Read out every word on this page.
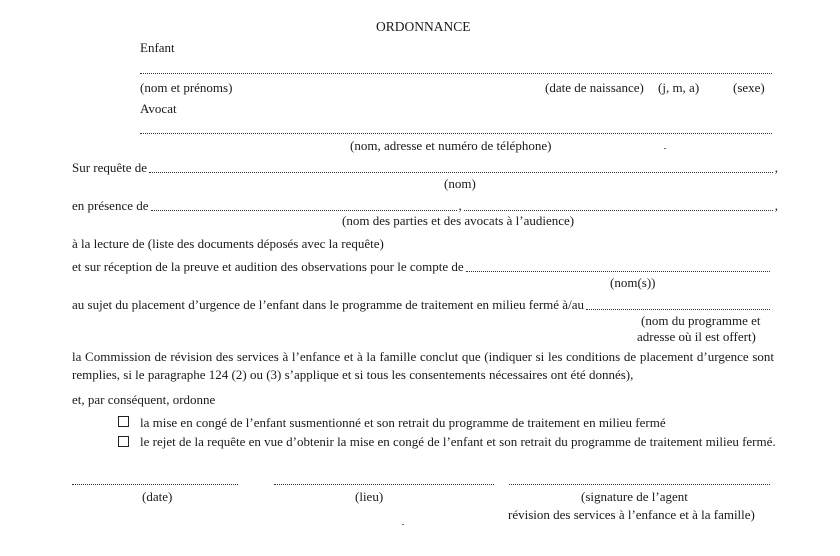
ORDONNANCE
Enfant
(nom et prénoms)	(date de naissance) (j, m, a)	(sexe)
Avocat
(nom, adresse et numéro de téléphone)
Sur requête de	,
(nom)
en présence de	,	,
(nom des parties et des avocats à l’audience)
à la lecture de (liste des documents déposés avec la requête)
et sur réception de la preuve et audition des observations pour le compte de
(nom(s))
au sujet du placement d’urgence de l’enfant dans le programme de traitement en milieu fermé à/au
(nom du programme et
adresse où il est offert)
la Commission de révision des services à l’enfance et à la famille conclut que (indiquer si les conditions de placement d’urgence sont remplies, si le paragraphe 124 (2) ou (3) s’applique et si tous les consentements nécessaires ont été donnés),
et, par conséquent, ordonne
la mise en congé de l’enfant susmentionné et son retrait du programme de traitement en milieu fermé
le rejet de la requête en vue d’obtenir la mise en congé de l’enfant et son retrait du programme de traitement milieu fermé.
(date)	(lieu)	(signature de l’agent
révision des services à l’enfance et à la famille)
